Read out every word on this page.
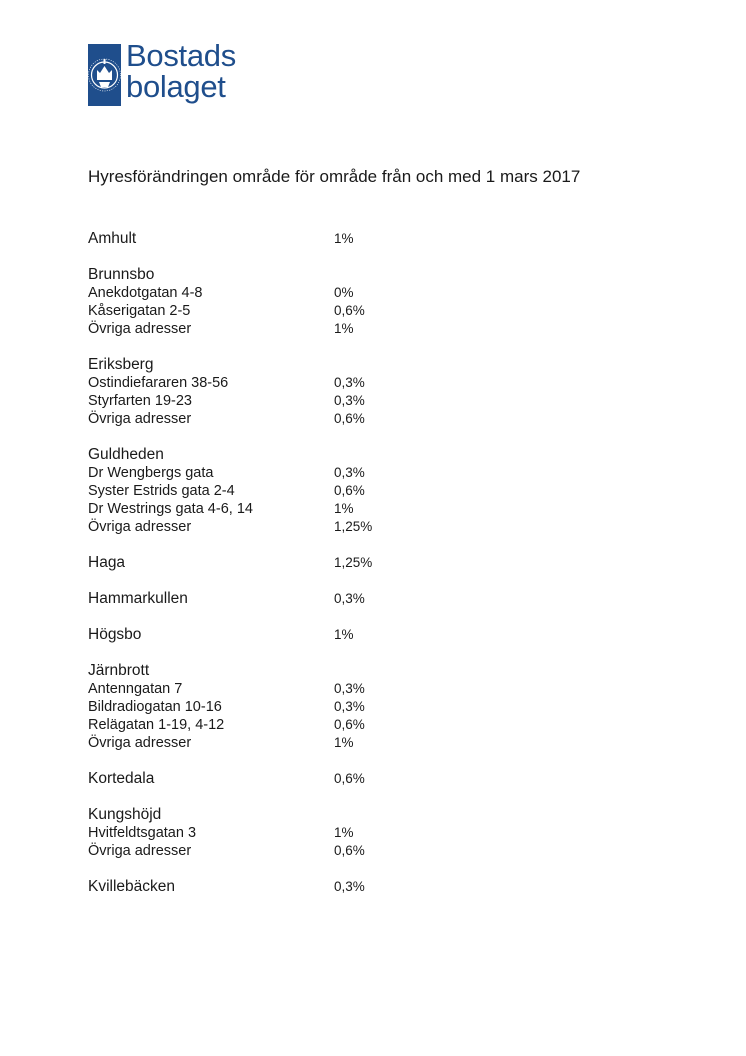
Bostads
bolaget
Hyresförändringen område för område från och med 1 mars 2017
Amhult	1%
Brunnsbo
Anekdotgatan 4-8	0%
Kåserigatan 2-5	0,6%
Övriga adresser	1%
Eriksberg
Ostindiefararen 38-56	0,3%
Styrfarten 19-23	0,3%
Övriga adresser	0,6%
Guldheden
Dr Wengbergs gata	0,3%
Syster Estrids gata 2-4	0,6%
Dr Westrings gata 4-6, 14	1%
Övriga adresser	1,25%
Haga	1,25%
Hammarkullen	0,3%
Högsbo	1%
Järnbrott
Antenngatan 7	0,3%
Bildradiogatan 10-16	0,3%
Relägatan 1-19, 4-12	0,6%
Övriga adresser	1%
Kortedala	0,6%
Kungshöjd
Hvitfeldtsgatan 3	1%
Övriga adresser	0,6%
Kvillebäcken	0,3%
